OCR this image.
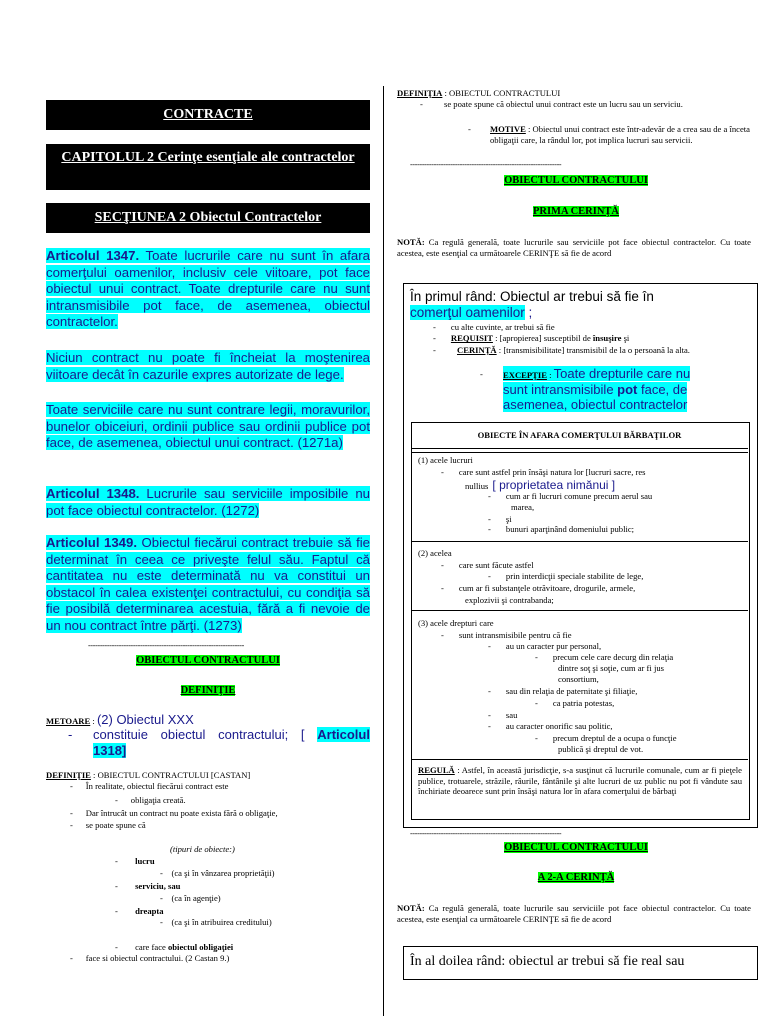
CONTRACTE
CAPITOLUL 2 Cerinţe esenţiale ale contractelor
SECŢIUNEA 2 Obiectul Contractelor
Articolul 1347. Toate lucrurile care nu sunt în afara comerţului oamenilor, inclusiv cele viitoare, pot face obiectul unui contract. Toate drepturile care nu sunt intransmisibile pot face, de asemenea, obiectul contractelor.
Niciun contract nu poate fi încheiat la moştenirea viitoare decât în cazurile expres autorizate de lege.
Toate serviciile care nu sunt contrare legii, moravurilor, bunelor obiceiuri, ordinii publice sau ordinii publice pot face, de asemenea, obiectul unui contract. (1271a)
Articolul 1348. Lucrurile sau serviciile imposibile nu pot face obiectul contractelor. (1272)
Articolul 1349. Obiectul fiecărui contract trebuie să fie determinat în ceea ce priveşte felul său. Faptul că cantitatea nu este determinată nu va constitui un obstacol în calea existenţei contractului, cu condiţia să fie posibilă determinarea acestuia, fără a fi nevoie de un nou contract între părţi. (1273)
------------------------------------------------------------------
OBIECTUL CONTRACTULUI
DEFINIŢIE
METOARE : (2) Obiectul XXX
- constituie obiectul contractului; [ Articolul 1318]
DEFINIŢIE : OBIECTUL CONTRACTULUI [CASTAN]
-      În realitate, obiectul fiecărui contract este
-      obligaţia creată.
-      Dar întrucât un contract nu poate exista fără o obligaţie,
-      se poate spune că
(tipuri de obiecte:)
-        lucru
-    (ca şi în vânzarea proprietăţii)
-        serviciu, sau
-    (ca în agenţie)
-        dreapta
-    (ca şi în atribuirea creditului)
-        care face obiectul obligaţiei
-      face si obiectul contractului. (2 Castan 9.)
DEFINIŢIA : OBIECTUL CONTRACTULUI
- se poate spune că obiectul unui contract este un lucru sau un serviciu.
- MOTIVE : Obiectul unui contract este într-adevăr de a crea sau de a înceta obligaţii care, la rândul lor, pot implica lucruri sau servicii.
----------------------------------------------------------------
OBIECTUL CONTRACTULUI
PRIMA CERINŢĂ
NOTĂ: Ca regulă generală, toate lucrurile sau serviciile pot face obiectul contractelor. Cu toate acestea, este esenţial ca următoarele CERINŢE să fie de acord
În primul rând: Obiectul ar trebui să fie în
comerţul oamenilor ;
-       cu alte cuvinte, ar trebui să fie
-       REQUISIT : [apropierea] susceptibil de însuşire şi
- CERINŢĂ : [transmisibilitate] transmisibil de la o persoană la alta.
- EXCEPŢIE : Toate drepturile care nu
sunt intransmisibile pot face, de
asemenea, obiectul contractelor
OBIECTE ÎN AFARA COMERŢULUI BĂRBAŢILOR
(1) acele lucruri
-       care sunt astfel prin însăşi natura lor [lucruri sacre, res
nullius [ proprietatea nimănui ]
-       cum ar fi lucruri comune precum aerul sau
marea,
-       şi
-       bunuri aparţinând domeniului public;
(2) acelea
-       care sunt făcute astfel
-       prin interdicţii speciale stabilite de lege,
-       cum ar fi substanţele otrăvitoare, drogurile, armele,
explozivii şi contrabanda;
(3) acele drepturi care
-       sunt intransmisibile pentru că fie
-       au un caracter pur personal,
-       precum cele care decurg din relaţia
dintre soţ şi soţie, cum ar fi jus
consortium,
-       sau din relaţia de paternitate şi filiaţie,
-       ca patria potestas,
-       sau
-       au caracter onorific sau politic,
-       precum dreptul de a ocupa o funcţie
publică şi dreptul de vot.
REGULĂ : Astfel, în această jurisdicţie, s-a susţinut că lucrurile comunale, cum ar fi pieţele publice, trotuarele, străzile, râurile, fântânile şi alte lucruri de uz public nu pot fi vândute sau închiriate deoarece sunt prin însăşi natura lor în afara comerţului de bărbaţi
----------------------------------------------------------------
OBIECTUL CONTRACTULUI
A 2-A CERINŢĂ
NOTĂ: Ca regulă generală, toate lucrurile sau serviciile pot face obiectul contractelor. Cu toate acestea, este esenţial ca următoarele CERINŢE să fie de acord
În al doilea rând: obiectul ar trebui să fie real sau
